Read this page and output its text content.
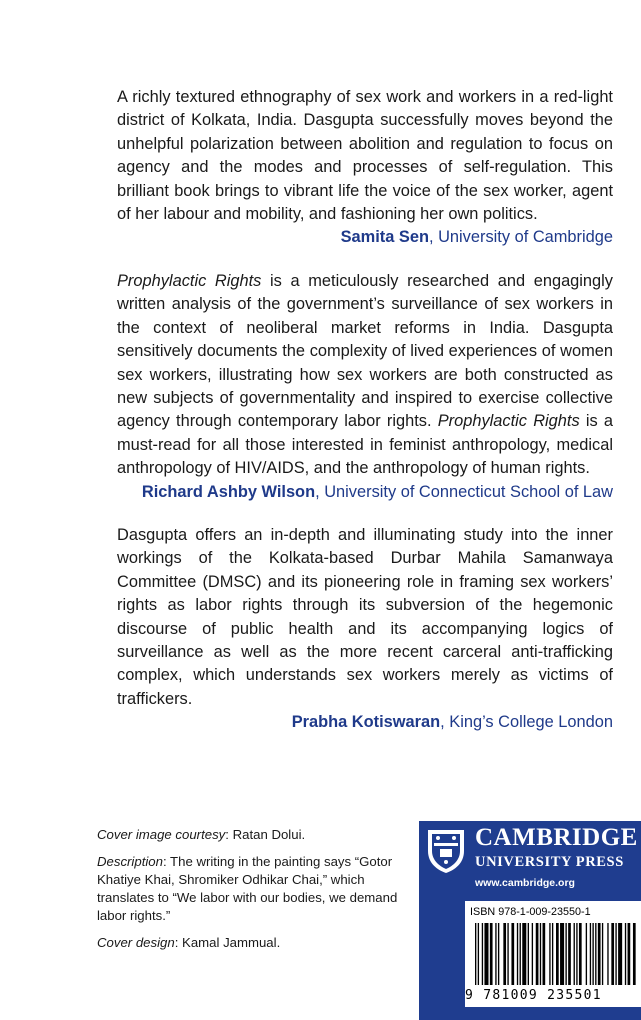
A richly textured ethnography of sex work and workers in a red-light district of Kolkata, India. Dasgupta successfully moves beyond the unhelpful polarization between abolition and regulation to focus on agency and the modes and processes of self-regulation. This brilliant book brings to vibrant life the voice of the sex worker, agent of her labour and mobility, and fashioning her own politics.

Samita Sen, University of Cambridge

Prophylactic Rights is a meticulously researched and engagingly written analysis of the government’s surveillance of sex workers in the context of neoliberal market reforms in India. Dasgupta sensitively documents the complexity of lived experiences of women sex workers, illustrating how sex workers are both constructed as new subjects of governmentality and inspired to exercise collective agency through contemporary labor rights. Prophylactic Rights is a must-read for all those interested in feminist anthropology, medical anthropology of HIV/AIDS, and the anthropology of human rights.

Richard Ashby Wilson, University of Connecticut School of Law

Dasgupta offers an in-depth and illuminating study into the inner workings of the Kolkata-based Durbar Mahila Samanwaya Committee (DMSC) and its pioneering role in framing sex workers’ rights as labor rights through its subversion of the hegemonic discourse of public health and its accompanying logics of surveillance as well as the more recent carceral anti-trafficking complex, which understands sex workers merely as victims of traffickers.

Prabha Kotiswaran, King’s College London

Cover image courtesy: Ratan Dolui.

Description: The writing in the painting says “Gotor Khatiye Khai, Shromiker Odhikar Chai,” which translates to “We labor with our bodies, we demand labor rights.”

Cover design: Kamal Jammual.

CAMBRIDGE
UNIVERSITY PRESS
www.cambridge.org
ISBN 978-1-009-23550-1
9 781009 235501
